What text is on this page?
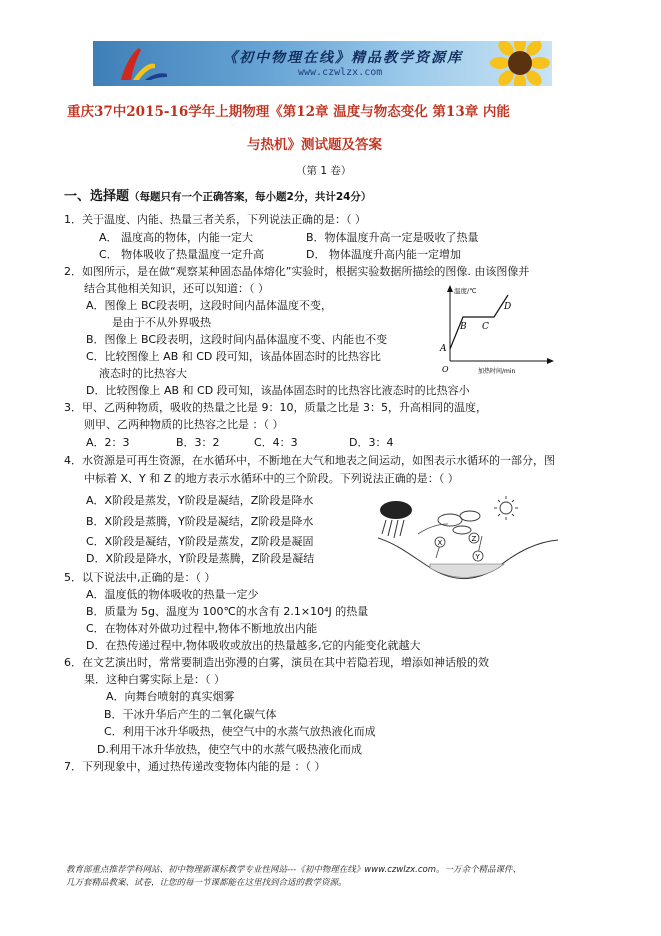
《初中物理在线》精品教学资源库
www.czwlzx.com
重庆37中2015-16学年上期物理《第12章 温度与物态变化 第13章 内能
与热机》测试题及答案
（第 1 卷）
一、选择题（每题只有一个正确答案，每小题2分，共计24分）
1．关于温度、内能、热量三者关系，下列说法正确的是：（ ）
A． 温度高的物体，内能一定大	B．物体温度升高一定是吸收了热量
C． 物体吸收了热量温度一定升高	D． 物体温度升高内能一定增加
2．如图所示，是在做“观察某种固态晶体熔化”实验时，根据实验数据所描绘的图像. 由该图像并
结合其他相关知识，还可以知道：（ ）
A．图像上 BC段表明，这段时间内晶体温度不变，
是由于不从外界吸热
B．图像上 BC段表明，这段时间内晶体温度不变、内能也不变
C．比较图像上 AB 和 CD 段可知，该晶体固态时的比热容比
液态时的比热容大
D．比较图像上 AB 和 CD 段可知，该晶体固态时的比热容比液态时的比热容小
温度/℃
加热时间/min
O
A
B C
D
3．甲、乙两种物质，吸收的热量之比是 9：10，质量之比是 3：5，升高相同的温度，
则甲、乙两种物质的比热容之比是 ：（ ）
A．2：3	B．3：2	C．4：3	D．3：4
4．水资源是可再生资源，在水循环中，不断地在大气和地表之间运动，如图表示水循环的一部分，图
中标着 X、Y 和 Z 的地方表示水循环中的三个阶段。下列说法正确的是：（ ）
A．X阶段是蒸发，Y阶段是凝结，Z阶段是降水
B．X阶段是蒸腾，Y阶段是凝结，Z阶段是降水
C．X阶段是凝结，Y阶段是蒸发，Z阶段是凝固
D．X阶段是降水，Y阶段是蒸腾，Z阶段是凝结
X
Y
Z
5．以下说法中,正确的是：（ ）
A．温度低的物体吸收的热量一定少
B．质量为 5g、温度为 100℃的水含有 2.1×10⁴J 的热量
C．在物体对外做功过程中,物体不断地放出内能
D．在热传递过程中,物体吸收或放出的热量越多,它的内能变化就越大
6．在文艺演出时，常常要制造出弥漫的白雾，演员在其中若隐若现，增添如神话般的效
果．这种白雾实际上是：（ ）
A．向舞台喷射的真实烟雾
B．干冰升华后产生的二氧化碳气体
C．利用干冰升华吸热，使空气中的水蒸气放热液化而成
D.利用干冰升华放热，使空气中的水蒸气吸热液化而成
7．下列现象中，通过热传递改变物体内能的是 ：（ ）
教育部重点推荐学科网站、初中物理新课标教学专业性网站---《初中物理在线》www.czwlzx.com。一万余个精品课件、
几万套精品教案、试卷，让您的每一节课都能在这里找到合适的教学资源。
